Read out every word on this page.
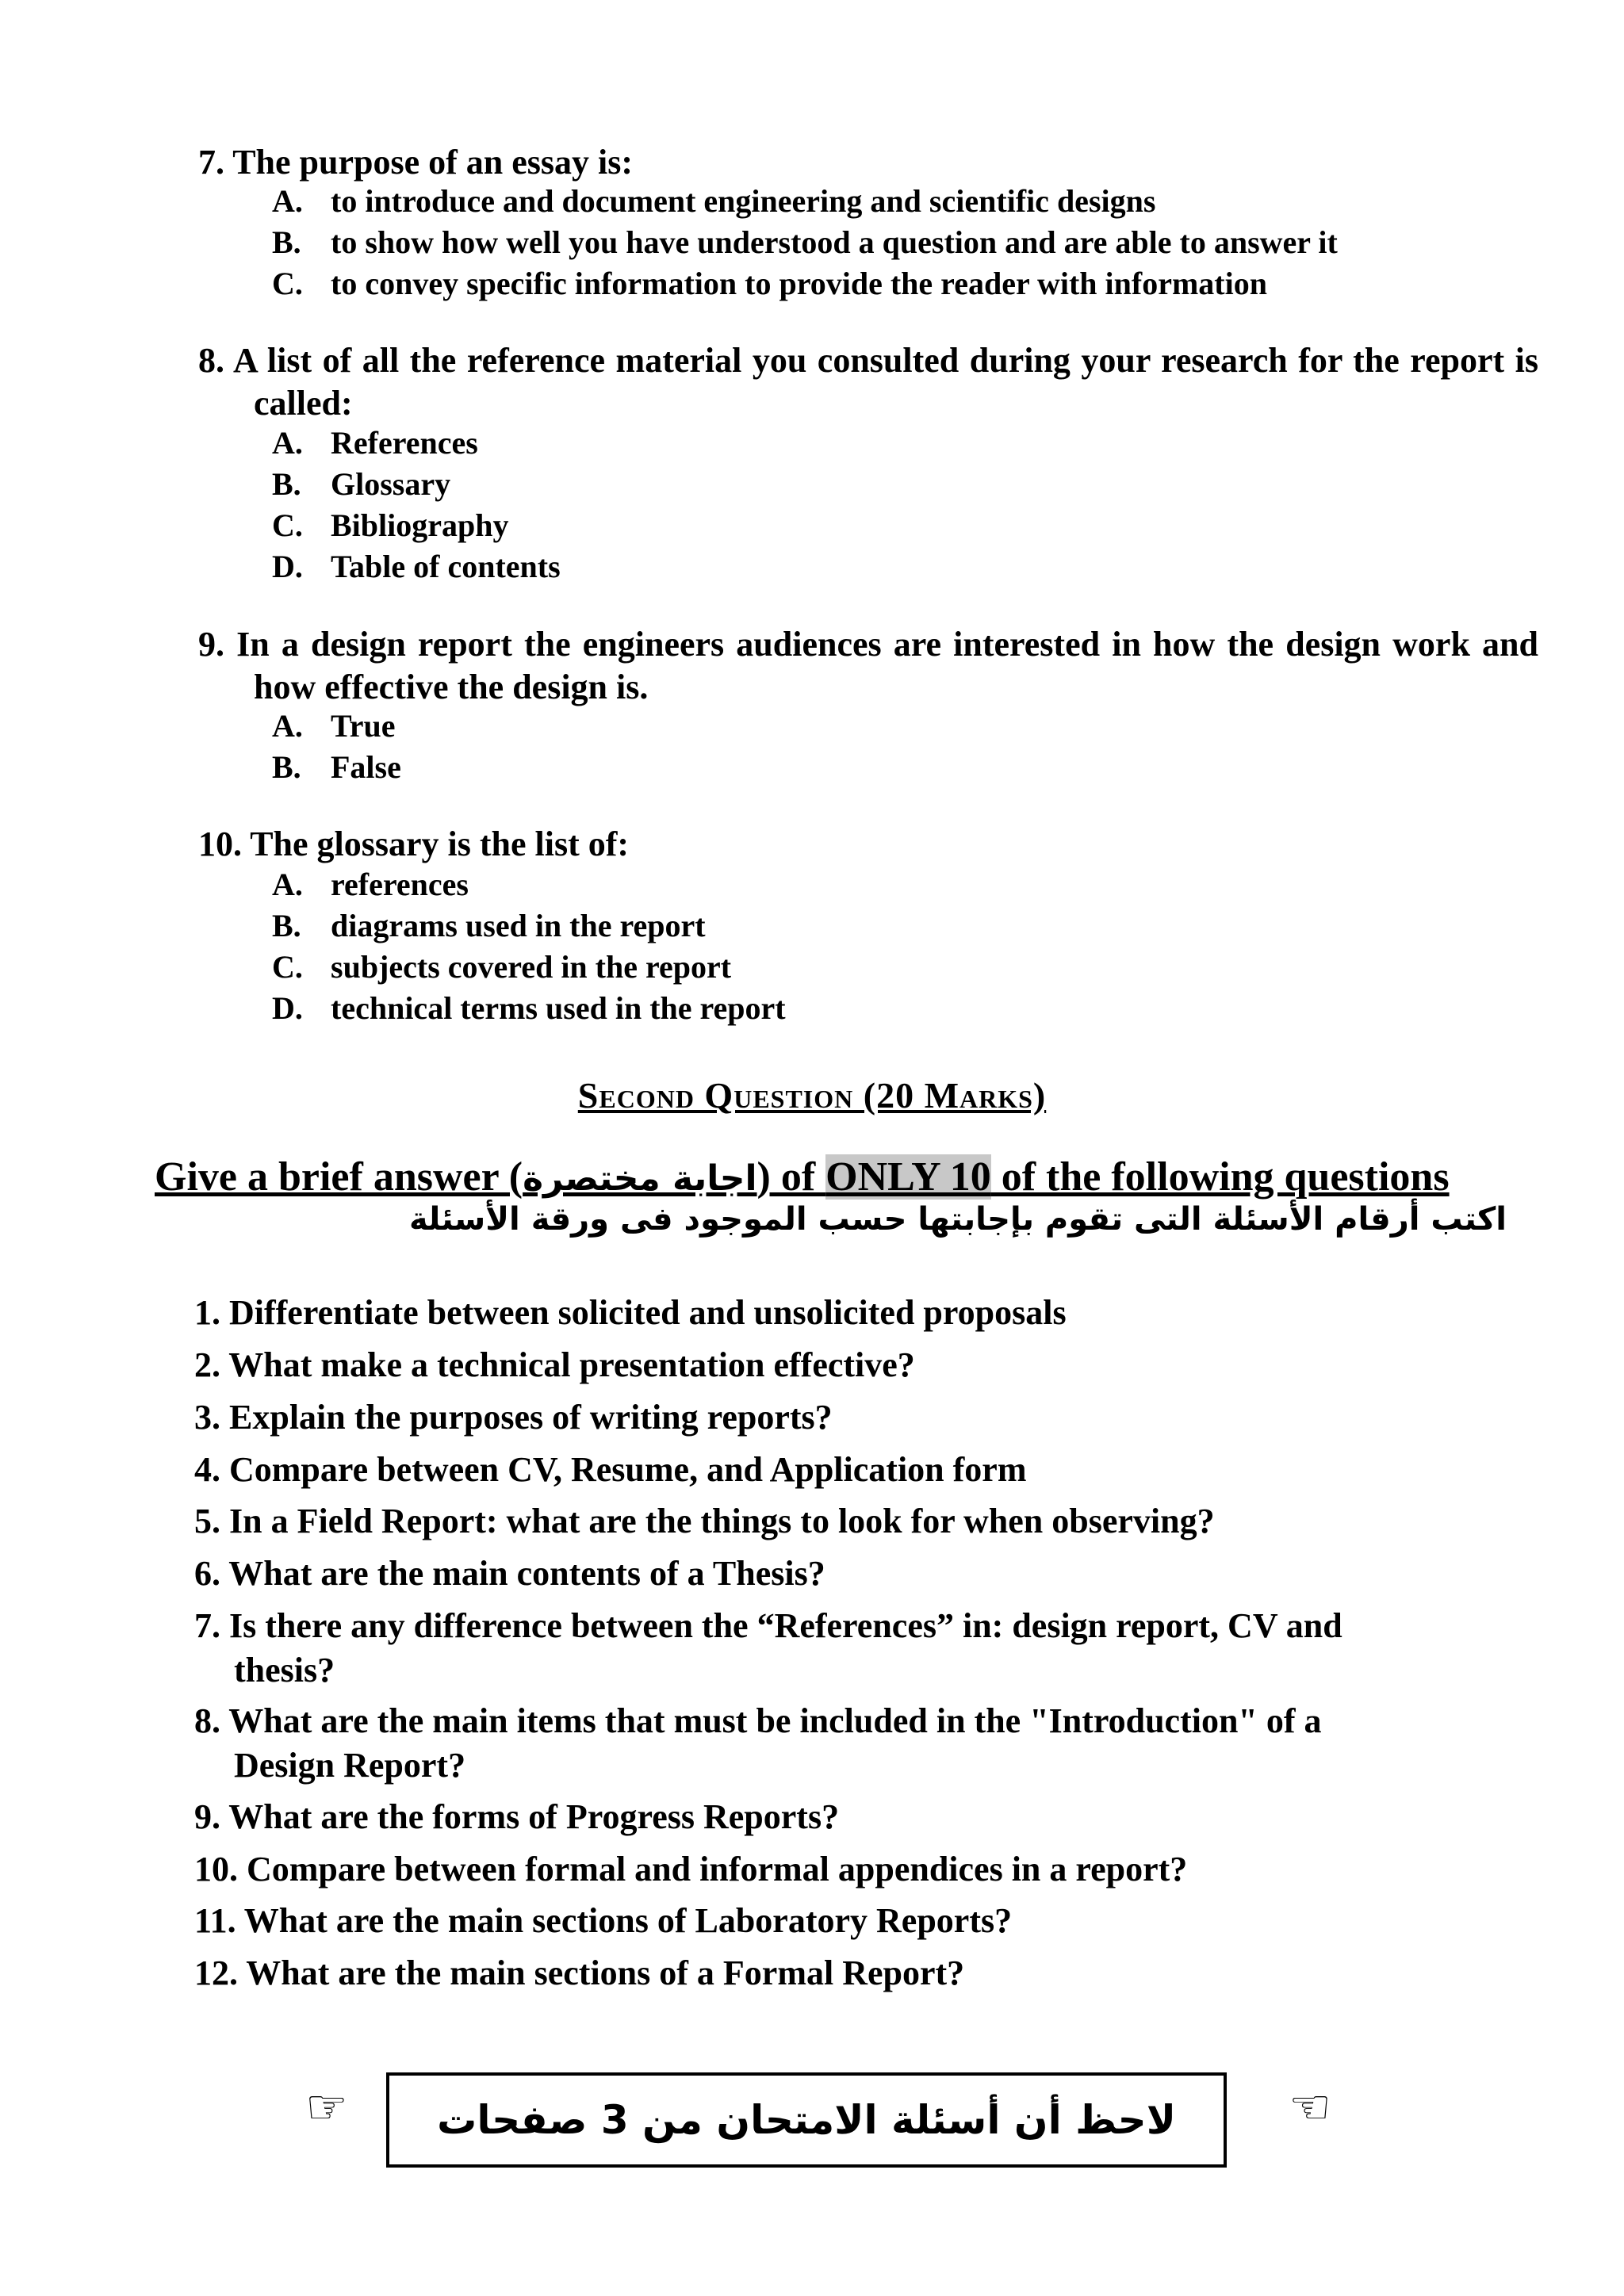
7. The purpose of an essay is:
A. to introduce and document engineering and scientific designs
B. to show how well you have understood a question and are able to answer it
C. to convey specific information to provide the reader with information
8. A list of all the reference material you consulted during your research for the report is called:
A. References
B. Glossary
C. Bibliography
D. Table of contents
9. In a design report the engineers audiences are interested in how the design work and how effective the design is.
A. True
B. False
10. The glossary is the list of:
A. references
B. diagrams used in the report
C. subjects covered in the report
D. technical terms used in the report
Second Question (20 Marks)
Give a brief answer (اجابة مختصرة) of ONLY 10 of the following questions
اكتب أرقام الأسئلة التى تقوم بإجابتها حسب الموجود فى ورقة الأسئلة
1. Differentiate between solicited and unsolicited proposals
2. What make a technical presentation effective?
3. Explain the purposes of writing reports?
4. Compare between CV, Resume, and Application form
5. In a Field Report: what are the things to look for when observing?
6. What are the main contents of a Thesis?
7. Is there any difference between the “References” in: design report, CV and
thesis?
8. What are the main items that must be included in the "Introduction" of a
Design Report?
9. What are the forms of Progress Reports?
10. Compare between formal and informal appendices in a report?
11. What are the main sections of Laboratory Reports?
12. What are the main sections of a Formal Report?
☞ لاحظ أن أسئلة الامتحان من 3 صفحات ☜
